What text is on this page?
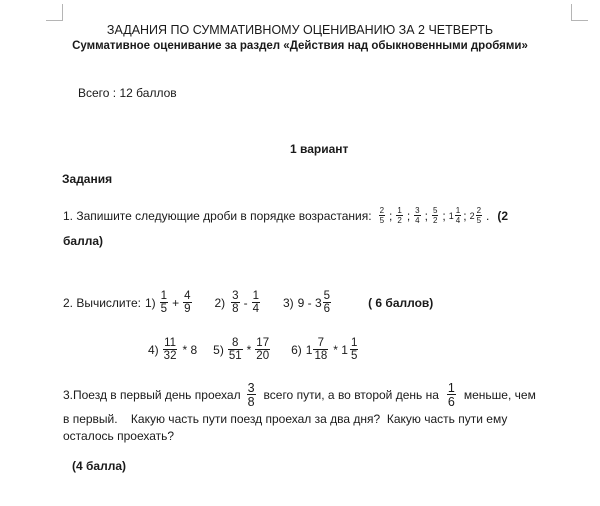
ЗАДАНИЯ ПО СУММАТИВНОМУ ОЦЕНИВАНИЮ ЗА 2 ЧЕТВЕРТЬ
Суммативное оценивание за раздел «Действия над обыкновенными дробями»
Всего : 12 баллов
1 вариант
Задания
1. Запишите следующие дроби в порядке возрастания: $\frac{2}{5}$ ; $\frac{1}{2}$ ; $\frac{3}{4}$ ; $\frac{5}{2}$ ; $1 \frac{1}{4}$ ; $2 \frac{2}{5}$ . (2
балла)
2. Вычислите: $1) \frac{1}{5} + \frac{4}{9} 2) \frac{3}{8} - \frac{1}{4} 3$) $9 - 3 \frac{5}{6}$	( 6 баллов)
$4) \frac{11}{32} * 8$ $5) \frac{8}{51} * \frac{17}{20} 6$) $1 \frac{7}{18} * 1 \frac{1}{5}$
3.Поезд в первый день проехал $\frac{3}{8}$ всего пути, а во второй день на $\frac{1}{6}$ меньше, чем
в первый.    Какую часть пути поезд проехал за два дня?  Какую часть пути ему
осталось проехать?
(4 балла)
